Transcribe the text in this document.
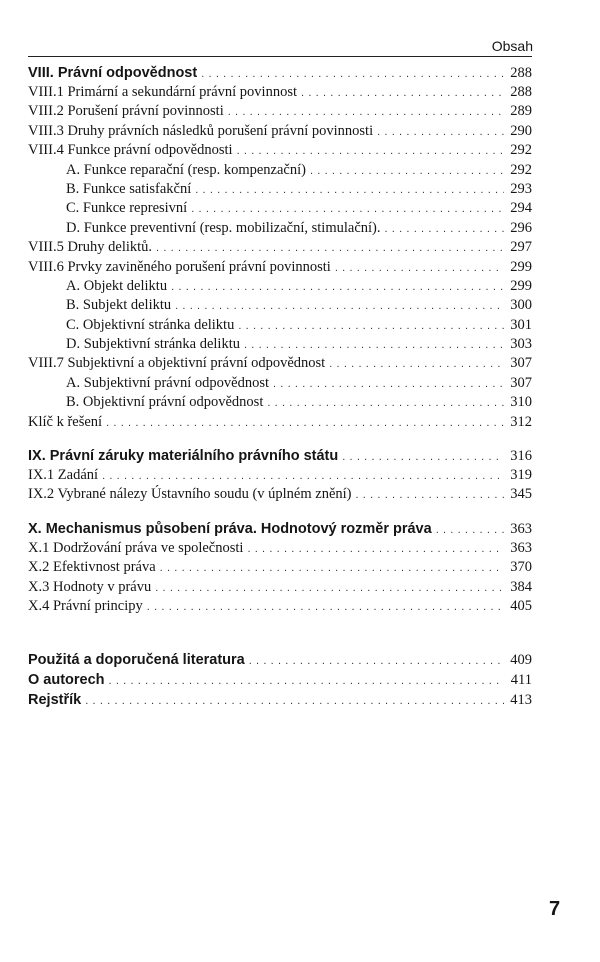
Obsah
VIII. Právní odpovědnost . . .	288
VIII.1 Primární a sekundární právní povinnost . . .	288
VIII.2 Porušení právní povinnosti . . .	289
VIII.3 Druhy právních následků porušení právní povinnosti . . .	290
VIII.4 Funkce právní odpovědnosti . . .	292
A. Funkce reparační (resp. kompenzační) . . .	292
B. Funkce satisfakční . . .	293
C. Funkce represivní . . .	294
D. Funkce preventivní (resp. mobilizační, stimulační). . . .	296
VIII.5 Druhy deliktů. . . .	297
VIII.6 Prvky zaviněného porušení právní povinnosti . . .	299
A. Objekt deliktu . . .	299
B. Subjekt deliktu . . .	300
C. Objektivní stránka deliktu . . .	301
D. Subjektivní stránka deliktu . . .	303
VIII.7 Subjektivní a objektivní právní odpovědnost . . .	307
A. Subjektivní právní odpovědnost . . .	307
B. Objektivní právní odpovědnost . . .	310
Klíč k řešení . . .	312
IX. Právní záruky materiálního právního státu . . .	316
IX.1 Zadání . . .	319
IX.2 Vybrané nálezy Ústavního soudu (v úplném znění) . . .	345
X. Mechanismus působení práva. Hodnotový rozměr práva . . .	363
X.1 Dodržování práva ve společnosti . . .	363
X.2 Efektivnost práva . . .	370
X.3 Hodnoty v právu . . .	384
X.4 Právní principy . . .	405
Použitá a doporučená literatura . . .	409
O autorech . . .	411
Rejstřík . . .	413
7
